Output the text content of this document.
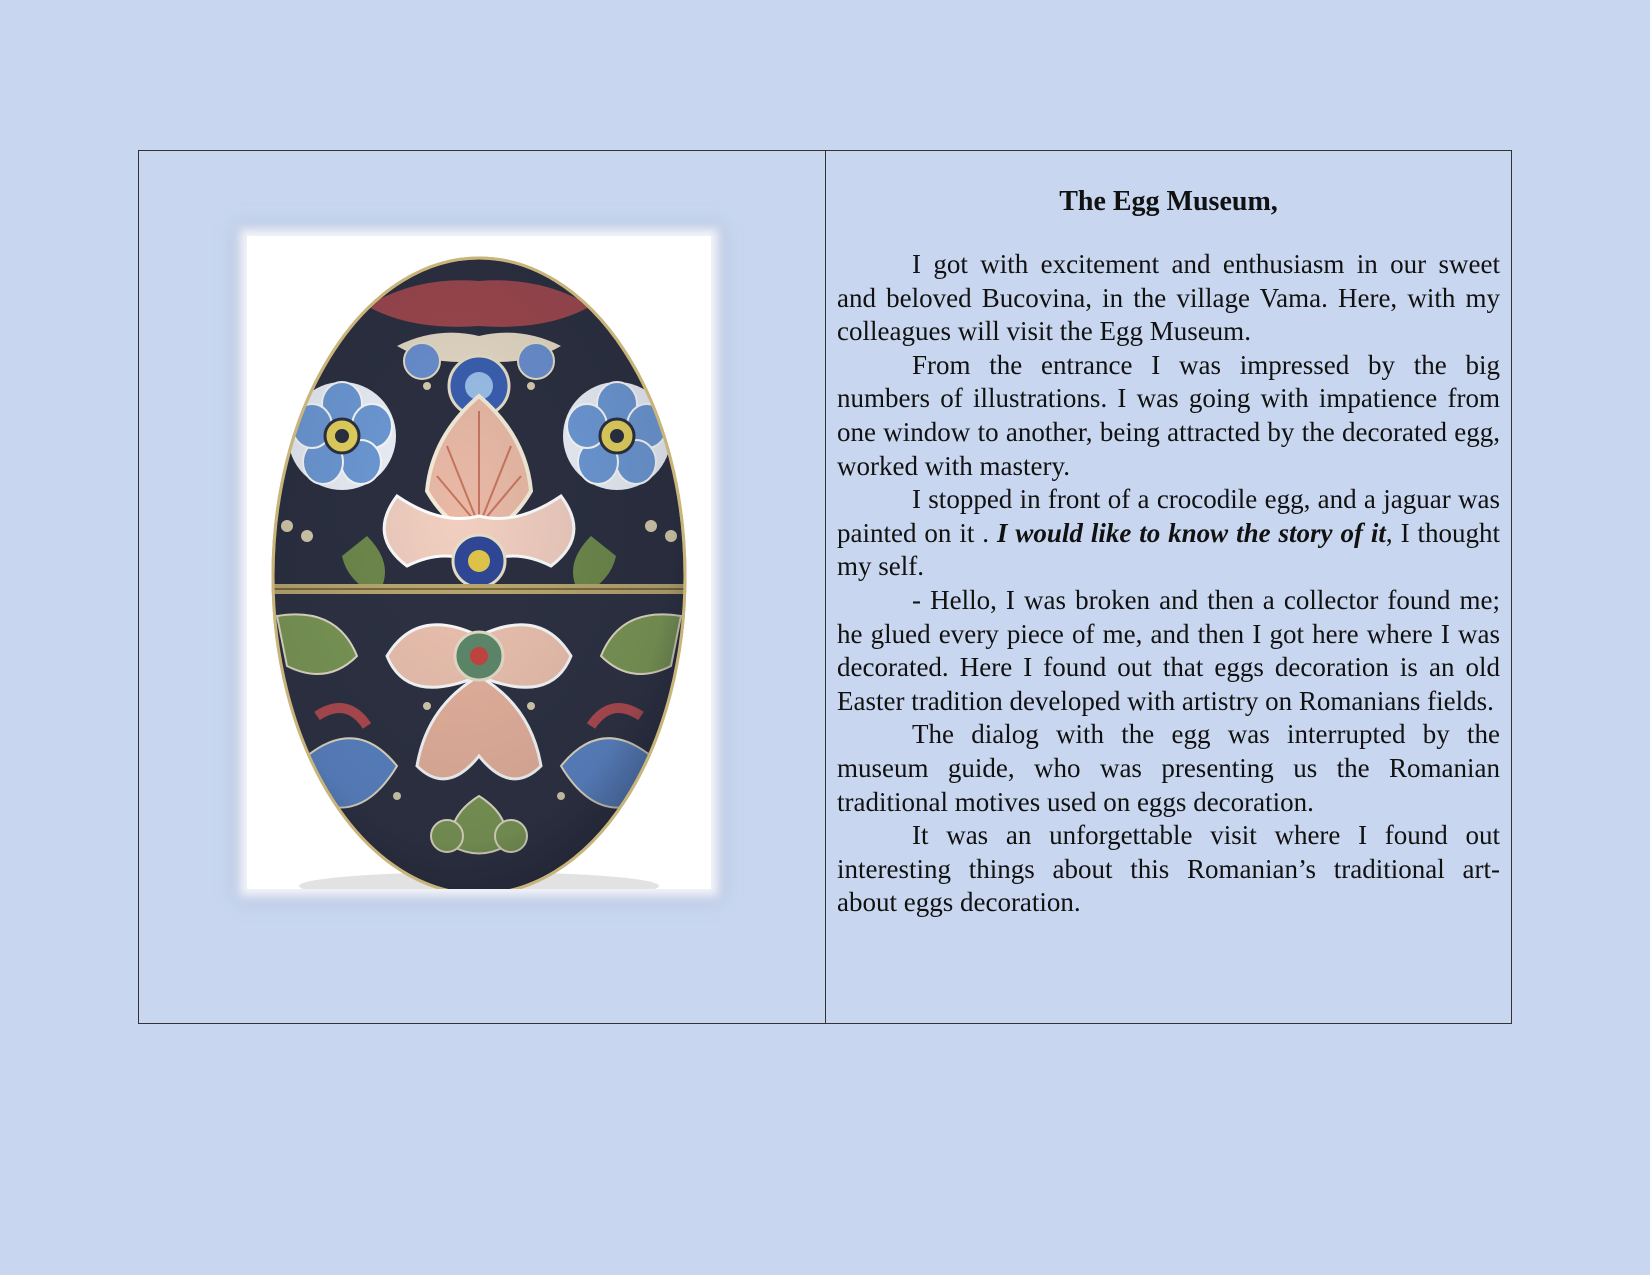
The Egg Museum,

I got with excitement and enthusiasm in our sweet and beloved Bucovina, in the village Vama. Here, with my colleagues will visit the Egg Museum.

From the entrance I was impressed by the big numbers of illustrations. I was going with impatience from one window to another, being attracted by the decorated egg, worked with mastery.

I stopped in front of a crocodile egg, and a jaguar was painted on it . I would like to know the story of it, I thought my self.

- Hello, I was broken and then a collector found me; he glued every piece of me, and then I got here where I was decorated. Here I found out that eggs decoration is an old Easter tradition developed with artistry on Romanians fields.

The dialog with the egg was interrupted by the museum guide, who was presenting us the Romanian traditional motives used on eggs decoration.

It was an unforgettable visit where I found out interesting things about this Romanian’s traditional art- about eggs decoration.
